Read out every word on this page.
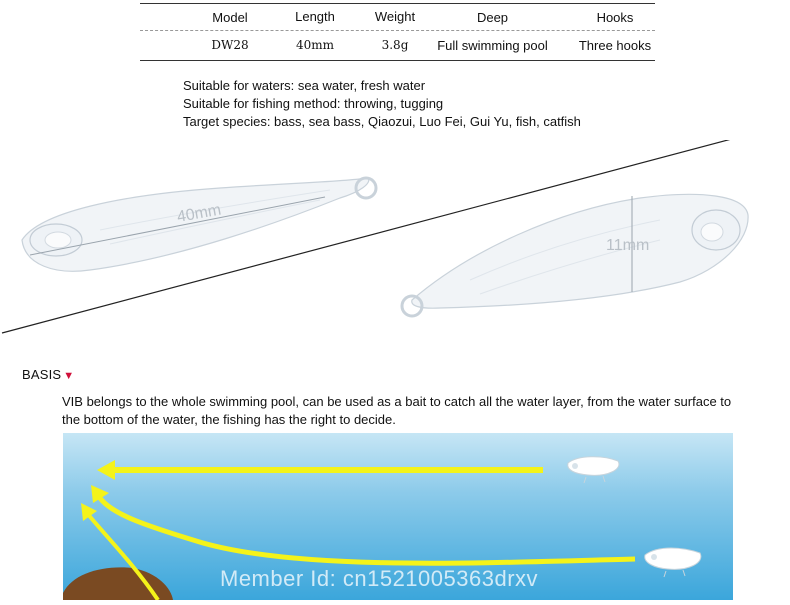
Model	Length	Weight	Deep	Hooks
DW28	40mm	3.8g	Full swimming pool	Three hooks
Suitable for waters: sea water, fresh water
Suitable for fishing method: throwing, tugging
Target species: bass, sea bass, Qiaozui, Luo Fei, Gui Yu, fish, catfish
40mm
11mm
BASIS ▼
VIB belongs to the whole swimming pool, can be used as a bait to catch all the water layer, from the water surface to the bottom of the water, the fishing has the right to decide.
Member Id: cn1521005363drxv
